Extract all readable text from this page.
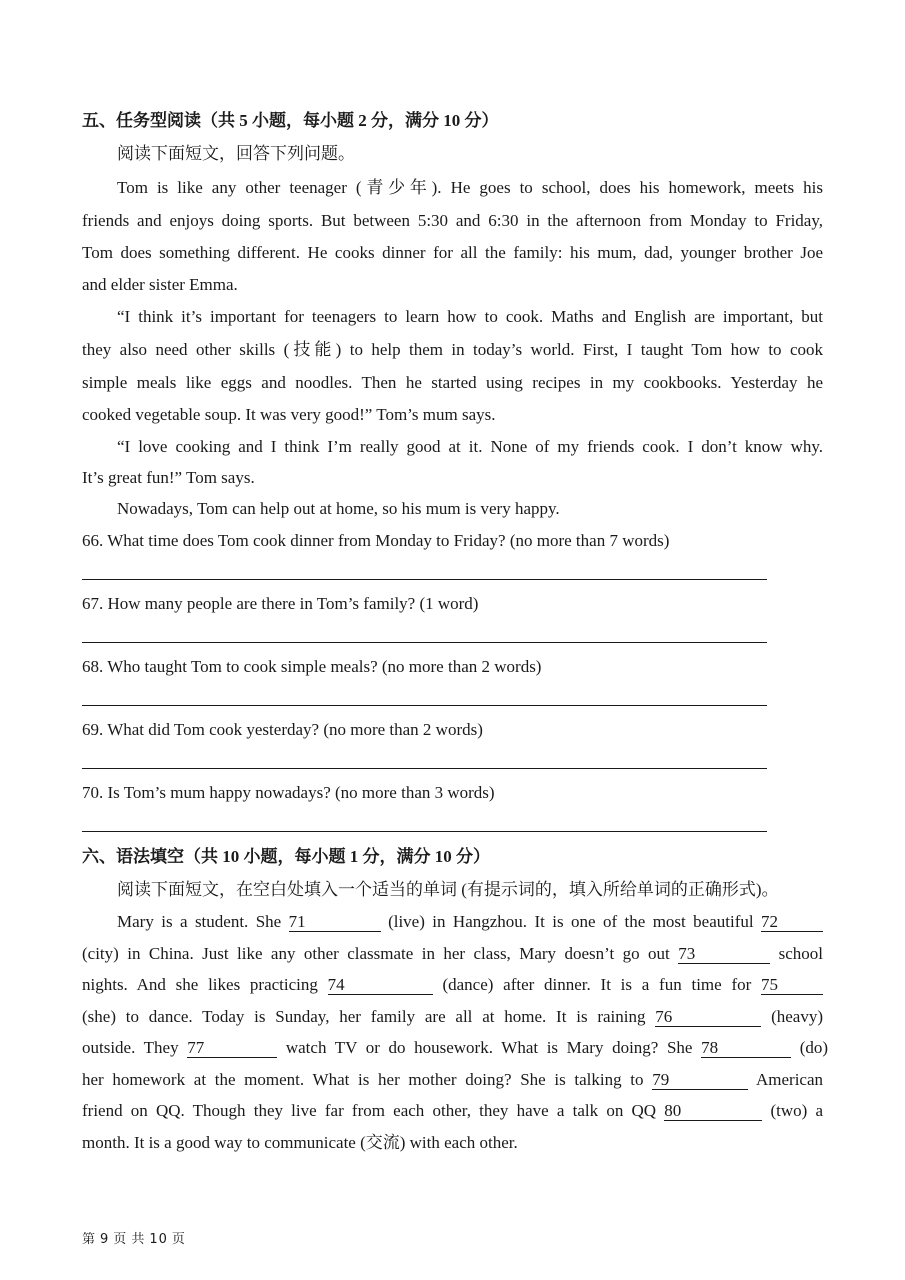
五、任务型阅读（共 5 小题，每小题 2 分，满分 10 分）
阅读下面短文，回答下列问题。
Tom is like any other teenager (青少年). He goes to school, does his homework, meets his
friends and enjoys doing sports. But between 5:30 and 6:30 in the afternoon from Monday to Friday,
Tom does something different. He cooks dinner for all the family: his mum, dad, younger brother Joe
and elder sister Emma.
“I think it’s important for teenagers to learn how to cook. Maths and English are important, but
they also need other skills (技能) to help them in today’s world. First, I taught Tom how to cook
simple meals like eggs and noodles. Then he started using recipes in my cookbooks. Yesterday he
cooked vegetable soup. It was very good!” Tom’s mum says.
“I love cooking and I think I’m really good at it. None of my friends cook. I don’t know why.
It’s great fun!” Tom says.
Nowadays, Tom can help out at home, so his mum is very happy.
66. What time does Tom cook dinner from Monday to Friday? (no more than 7 words)
67. How many people are there in Tom’s family? (1 word)
68. Who taught Tom to cook simple meals? (no more than 2 words)
69. What did Tom cook yesterday? (no more than 2 words)
70. Is Tom’s mum happy nowadays? (no more than 3 words)
六、语法填空（共 10 小题，每小题 1 分，满分 10 分）
阅读下面短文，在空白处填入一个适当的单词 (有提示词的，填入所给单词的正确形式)。
Mary is a student. She 71	(live) in Hangzhou. It is one of the most beautiful 72
(city) in China. Just like any other classmate in her class, Mary doesn’t go out 73	school
nights. And she likes practicing 74	(dance) after dinner. It is a fun time for 75
(she) to dance. Today is Sunday, her family are all at home. It is raining 76	(heavy)
outside. They 77	watch TV or do housework. What is Mary doing? She 78	(do)
her homework at the moment. What is her mother doing? She is talking to 79	American
friend on QQ. Though they live far from each other, they have a talk on QQ 80	(two) a
month. It is a good way to communicate (交流) with each other.
第 9 页 共 10 页
